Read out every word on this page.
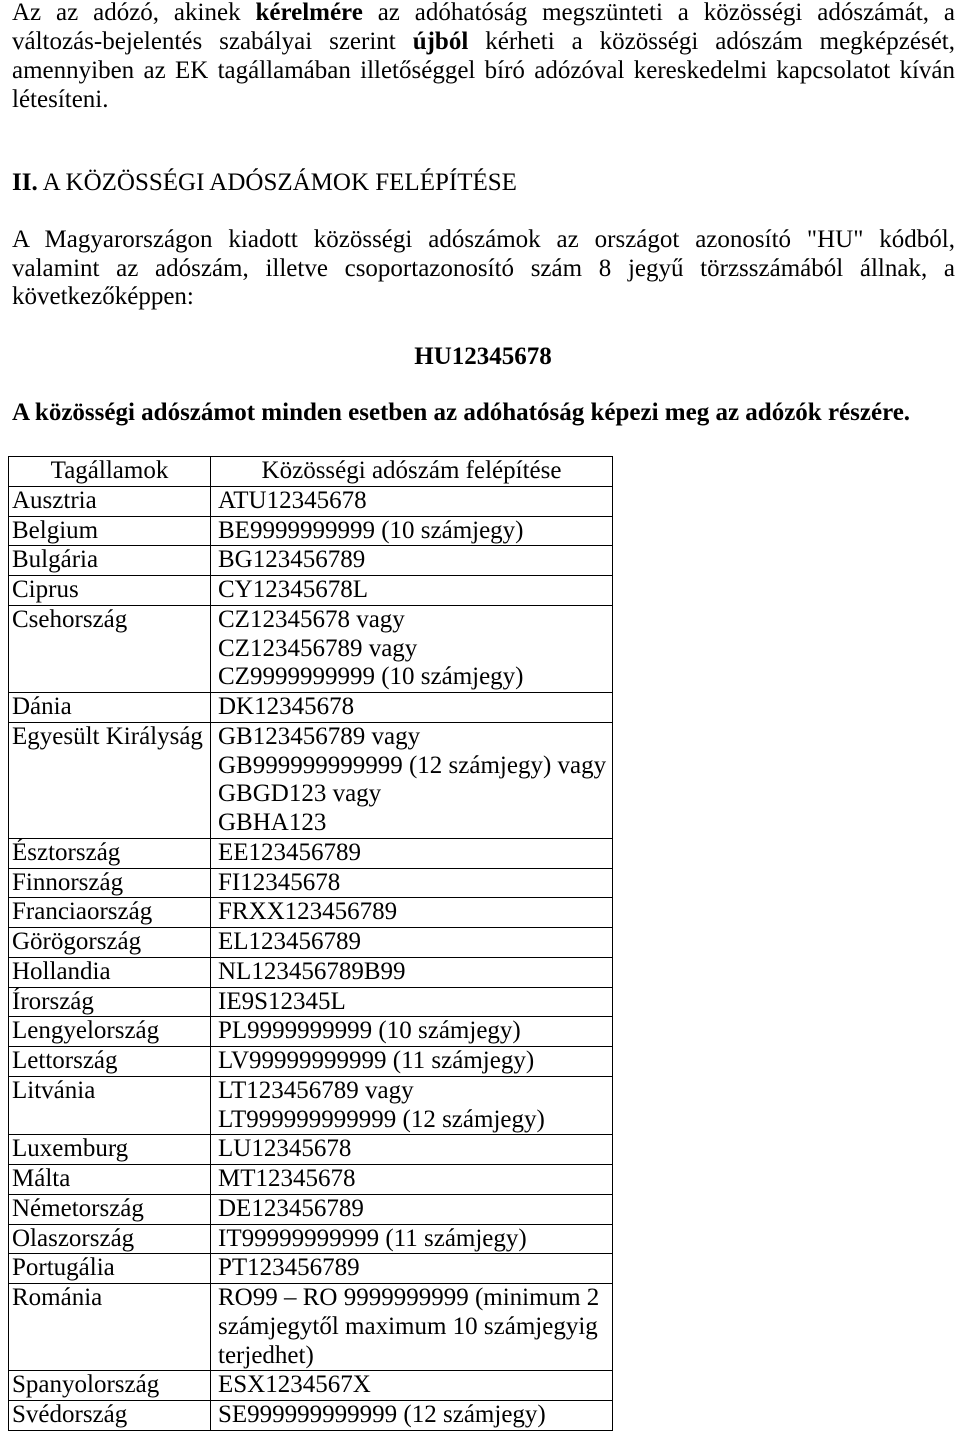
Az az adózó, akinek kérelmére az adóhatóság megszünteti a közösségi adószámát, a
változás-bejelentés szabályai szerint újból kérheti a közösségi adószám megképzését,
amennyiben az EK tagállamában illetőséggel bíró adózóval kereskedelmi kapcsolatot kíván
létesíteni.
II. A KÖZÖSSÉGI ADÓSZÁMOK FELÉPÍTÉSE
A Magyarországon kiadott közösségi adószámok az országot azonosító "HU" kódból,
valamint az adószám, illetve csoportazonosító szám 8 jegyű törzsszámából állnak, a
következőképpen:
HU12345678
A közösségi adószámot minden esetben az adóhatóság képezi meg az adózók részére.
Tagállamok	Közösségi adószám felépítése

Ausztria	ATU12345678

Belgium	BE9999999999 (10 számjegy)

Bulgária	BG123456789

Ciprus	CY12345678L

Csehország	CZ12345678 vagy
CZ123456789 vagy
CZ9999999999 (10 számjegy)

Dánia	DK12345678

Egyesült Királyság	GB123456789 vagy
GB999999999999 (12 számjegy) vagy
GBGD123 vagy
GBHA123

Észtország	EE123456789

Finnország	FI12345678

Franciaország	FRXX123456789

Görögország	EL123456789

Hollandia	NL123456789B99

Írország	IE9S12345L

Lengyelország	PL9999999999 (10 számjegy)

Lettország	LV99999999999 (11 számjegy)

Litvánia	LT123456789 vagy
LT999999999999 (12 számjegy)

Luxemburg	LU12345678

Málta	MT12345678

Németország	DE123456789

Olaszország	IT99999999999 (11 számjegy)

Portugália	PT123456789

Románia	RO99 – RO 9999999999 (minimum 2
számjegytől maximum 10 számjegyig
terjedhet)

Spanyolország	ESX1234567X

Svédország	SE999999999999 (12 számjegy)
